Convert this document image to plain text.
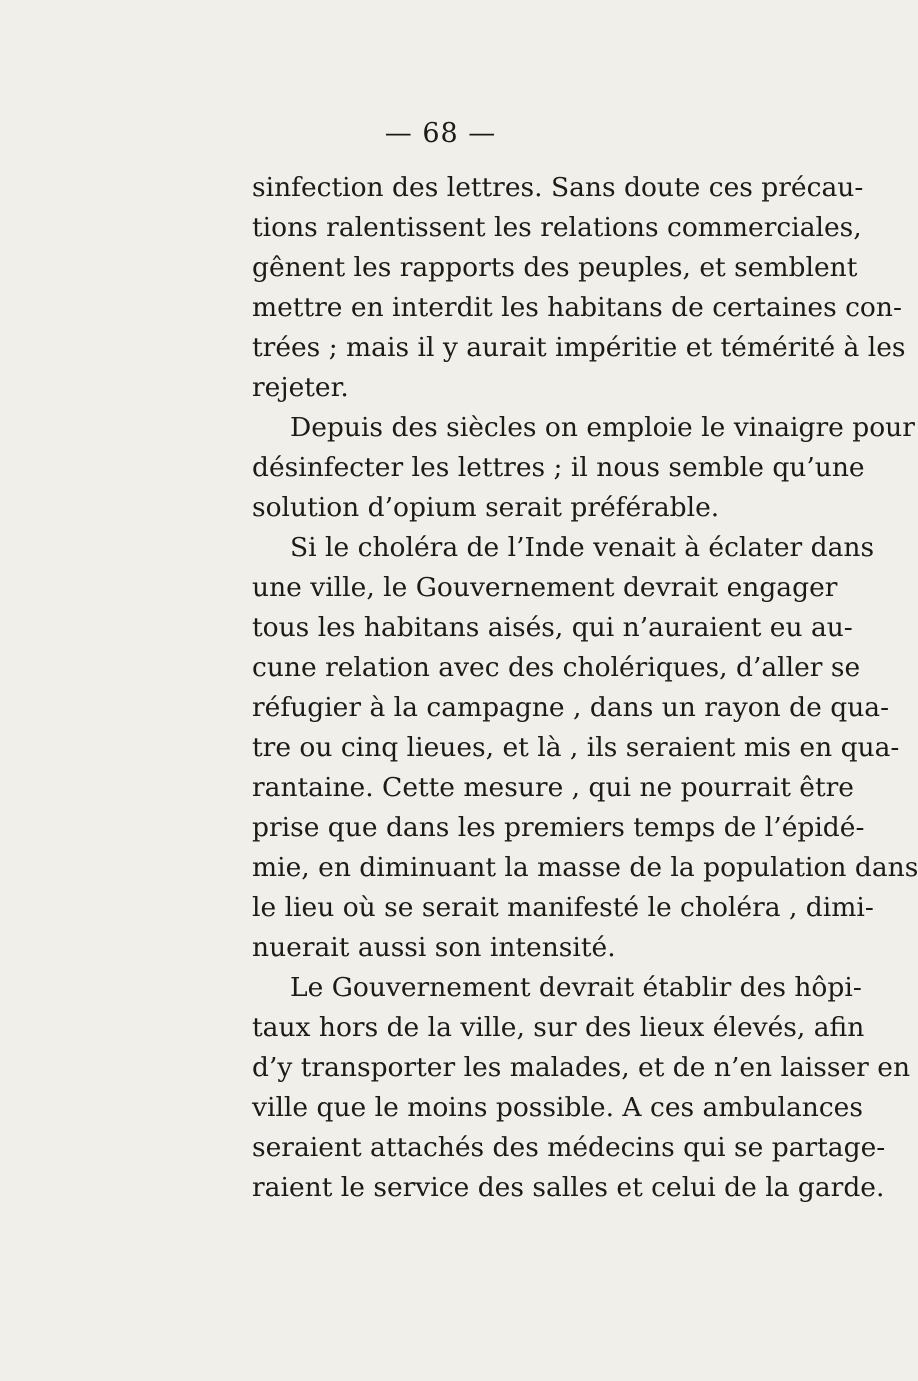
— 68 —
sinfection des lettres. Sans doute ces précau-
tions ralentissent les relations commerciales,
gênent les rapports des peuples, et semblent
mettre en interdit les habitans de certaines con-
trées ; mais il y aurait impéritie et témérité à les
rejeter.
Depuis des siècles on emploie le vinaigre pour
désinfecter les lettres ; il nous semble qu’une
solution d’opium serait préférable.
Si le choléra de l’Inde venait à éclater dans
une ville, le Gouvernement devrait engager
tous les habitans aisés, qui n’auraient eu au-
cune relation avec des cholériques, d’aller se
réfugier à la campagne , dans un rayon de qua-
tre ou cinq lieues, et là , ils seraient mis en qua-
rantaine. Cette mesure , qui ne pourrait être
prise que dans les premiers temps de l’épidé-
mie, en diminuant la masse de la population dans
le lieu où se serait manifesté le choléra , dimi-
nuerait aussi son intensité.
Le Gouvernement devrait établir des hôpi-
taux hors de la ville, sur des lieux élevés, afin
d’y transporter les malades, et de n’en laisser en
ville que le moins possible. A ces ambulances
seraient attachés des médecins qui se partage-
raient le service des salles et celui de la garde.
